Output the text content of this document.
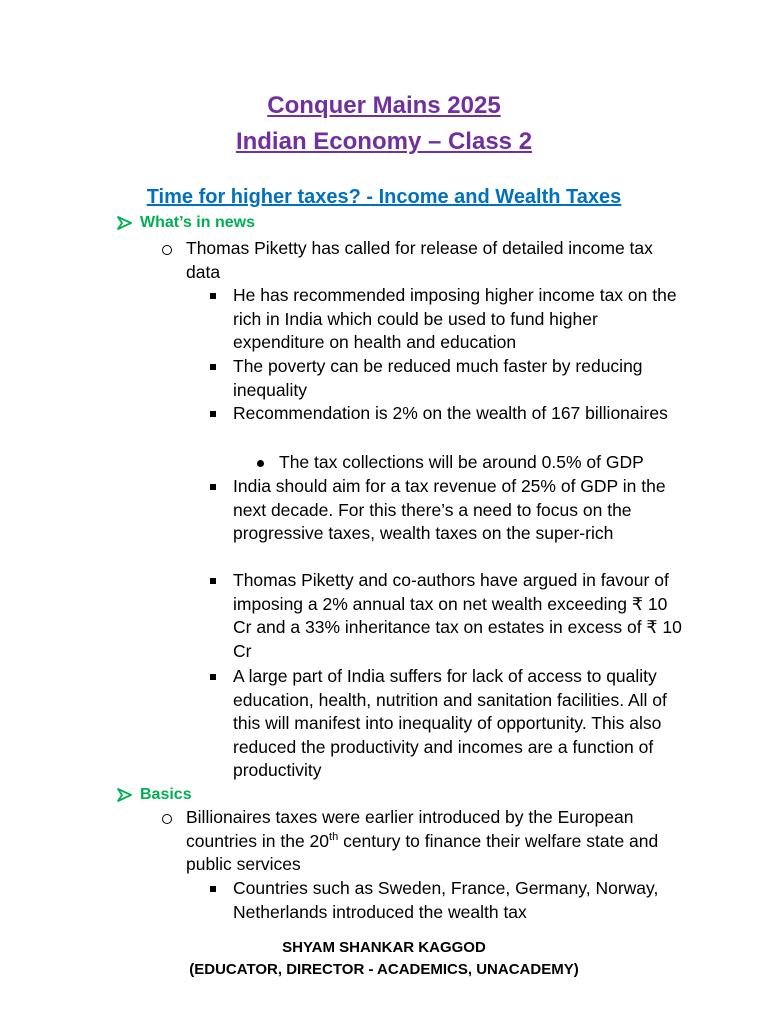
Conquer Mains 2025
Indian Economy – Class 2
Time for higher taxes? - Income and Wealth Taxes
What’s in news
Thomas Piketty has called for release of detailed income tax data
He has recommended imposing higher income tax on the rich in India which could be used to fund higher expenditure on health and education
The poverty can be reduced much faster by reducing inequality
Recommendation is 2% on the wealth of 167 billionaires
The tax collections will be around 0.5% of GDP
India should aim for a tax revenue of 25% of GDP in the next decade. For this there’s a need to focus on the progressive taxes, wealth taxes on the super-rich
Thomas Piketty and co-authors have argued in favour of imposing a 2% annual tax on net wealth exceeding ₹ 10 Cr and a 33% inheritance tax on estates in excess of ₹ 10 Cr
A large part of India suffers for lack of access to quality education, health, nutrition and sanitation facilities. All of this will manifest into inequality of opportunity. This also reduced the productivity and incomes are a function of productivity
Basics
Billionaires taxes were earlier introduced by the European countries in the 20th century to finance their welfare state and public services
Countries such as Sweden, France, Germany, Norway, Netherlands introduced the wealth tax
SHYAM SHANKAR KAGGOD
(EDUCATOR, DIRECTOR - ACADEMICS, UNACADEMY)
